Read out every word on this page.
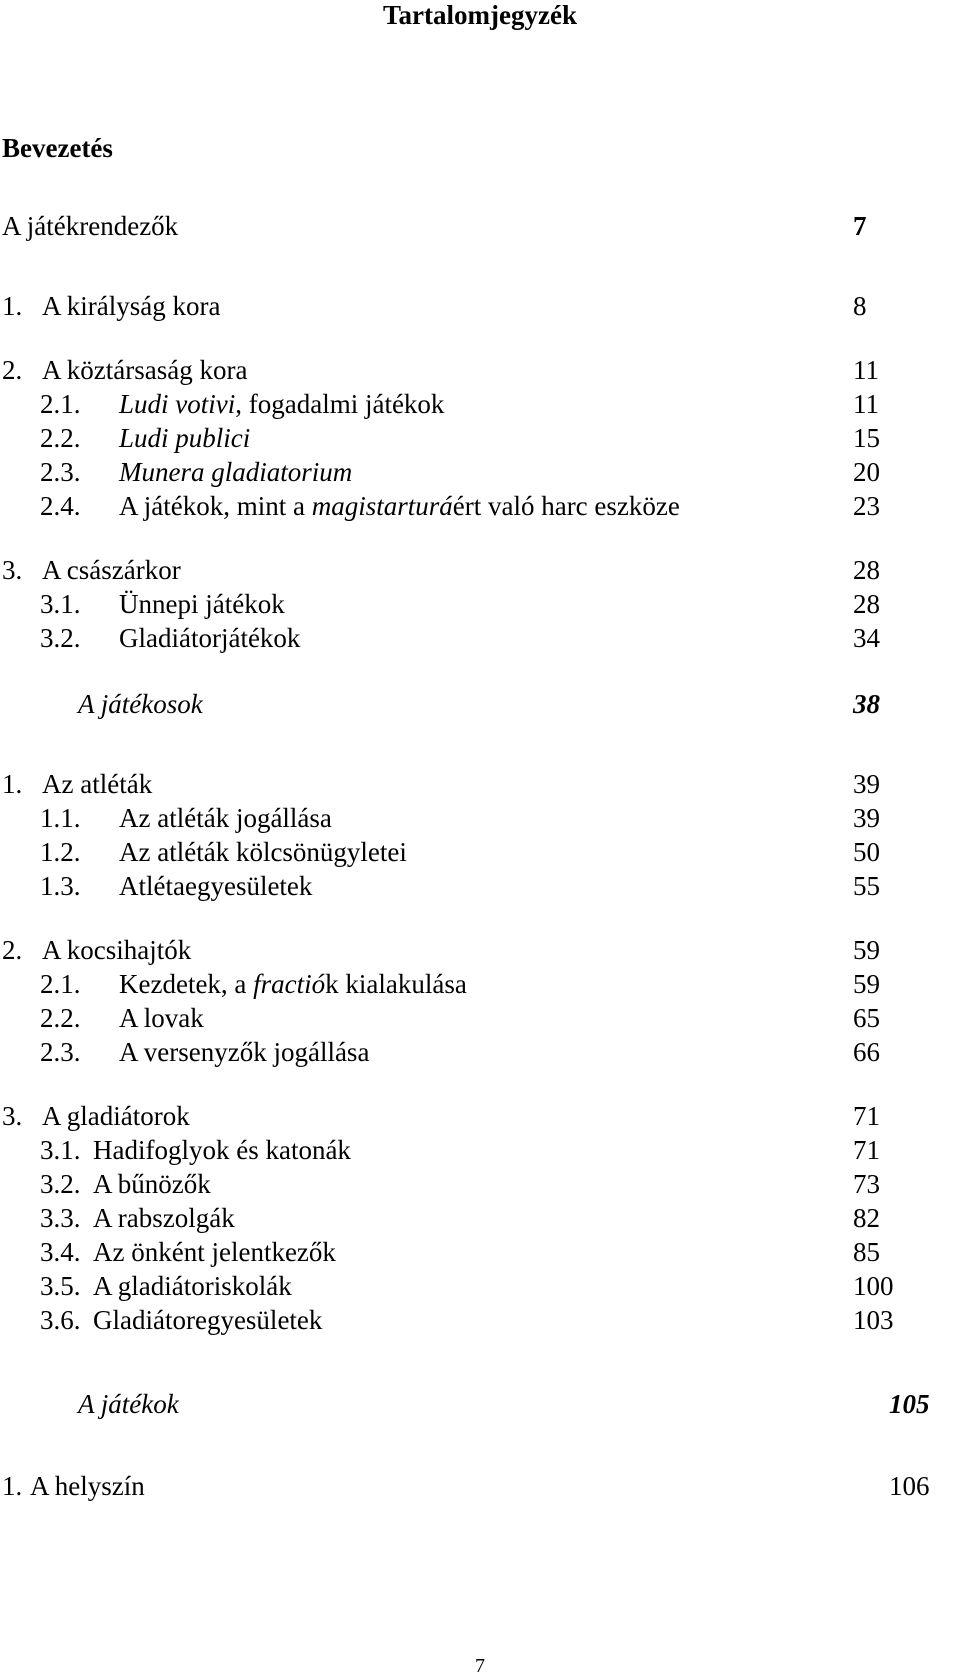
Tartalomjegyzék
Bevezetés
A játékrendezők	7
1. A királyság kora	8
2. A köztársaság kora	11
2.1. Ludi votivi, fogadalmi játékok	11
2.2. Ludi publici	15
2.3. Munera gladiatorium	20
2.4. A játékok, mint a magistarturáért való harc eszköze	23
3. A császárkor	28
3.1. Ünnepi játékok	28
3.2. Gladiátorjátékok	34
A játékosok	38
1. Az atléták	39
1.1. Az atléták jogállása	39
1.2. Az atléták kölcsönügyletei	50
1.3. Atlétaegyesületek	55
2. A kocsihajtók	59
2.1. Kezdetek, a fractiók kialakulása	59
2.2. A lovak	65
2.3. A versenyzők jogállása	66
3. A gladiátorok	71
3.1. Hadifoglyok és katonák	71
3.2. A bűnözők	73
3.3. A rabszolgák	82
3.4. Az önként jelentkezők	85
3.5. A gladiátoriskolák	100
3.6. Gladiátoregyesületek	103
A játékok	105
1. A helyszín	106
7
